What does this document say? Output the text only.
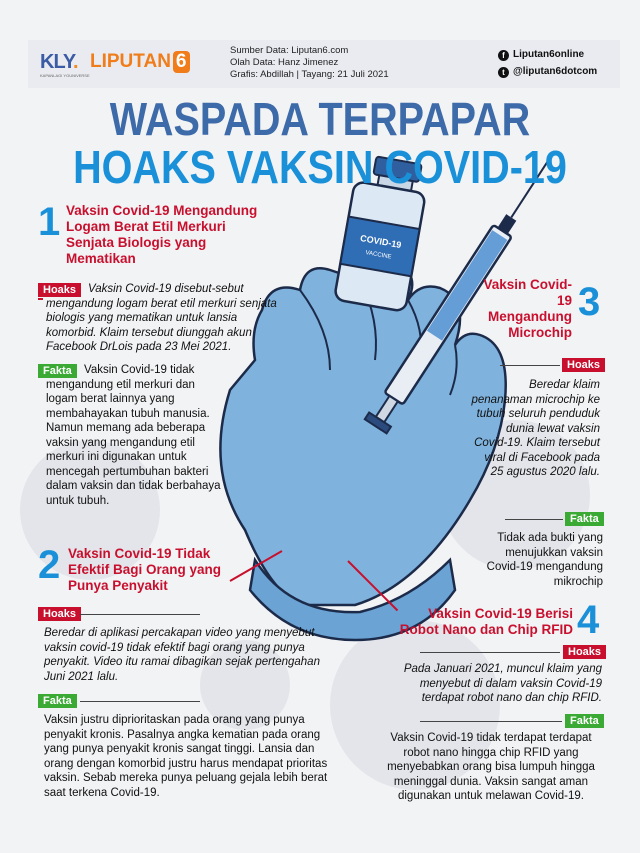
KLY.
KAPANLAGI YOUNIVERSE
LIPUTAN 6
Sumber Data: Liputan6.com
Olah Data: Hanz Jimenez
Grafis: Abdillah | Tayang: 21 Juli 2021
f Liputan6online
t @liputan6dotcom
COVID-19
VACCINE
WASPADA TERPAPAR
HOAKS VAKSIN COVID-19
1 Vaksin Covid-19 Mengandung Logam Berat Etil Merkuri Senjata Biologis yang Mematikan
Hoaks	Vaksin Covid-19 disebut-sebut mengandung logam berat etil merkuri senjata biologis yang mematikan untuk lansia komorbid. Klaim tersebut diunggah akun Facebook DrLois pada 23 Mei 2021.
Fakta	Vaksin Covid-19 tidak mengandung etil merkuri dan logam berat lainnya yang membahayakan tubuh manusia. Namun memang ada beberapa vaksin yang mengandung etil merkuri ini digunakan untuk mencegah pertumbuhan bakteri dalam vaksin dan tidak berbahaya untuk tubuh.
2 Vaksin Covid-19 Tidak Efektif Bagi Orang yang Punya Penyakit
Hoaks
Beredar di aplikasi percakapan video yang menyebut vaksin covid-19 tidak efektif bagi orang yang punya penyakit. Video itu ramai dibagikan sejak pertengahan Juni 2021 lalu.
Fakta
Vaksin justru diprioritaskan pada orang yang punya penyakit kronis. Pasalnya angka kematian pada orang yang punya penyakit kronis sangat tinggi. Lansia dan orang dengan komorbid justru harus mendapat prioritas vaksin. Sebab mereka punya peluang gejala lebih berat saat terkena Covid-19.
Vaksin Covid-19 Mengandung Microchip
3
Hoaks
Beredar klaim penanaman microchip ke tubuh seluruh penduduk dunia lewat vaksin Covid-19. Klaim tersebut viral di Facebook pada 25 agustus 2020 lalu.
Fakta
Tidak ada bukti yang menujukkan vaksin Covid-19 mengandung mikrochip
Vaksin Covid-19 Berisi Robot Nano dan Chip RFID 4
Hoaks
Pada Januari 2021, muncul klaim yang menyebut di dalam vaksin Covid-19 terdapat robot nano dan chip RFID.
Fakta
Vaksin Covid-19 tidak terdapat terdapat robot nano hingga chip RFID yang menyebabkan orang bisa lumpuh hingga meninggal dunia. Vaksin sangat aman digunakan untuk melawan Covid-19.
